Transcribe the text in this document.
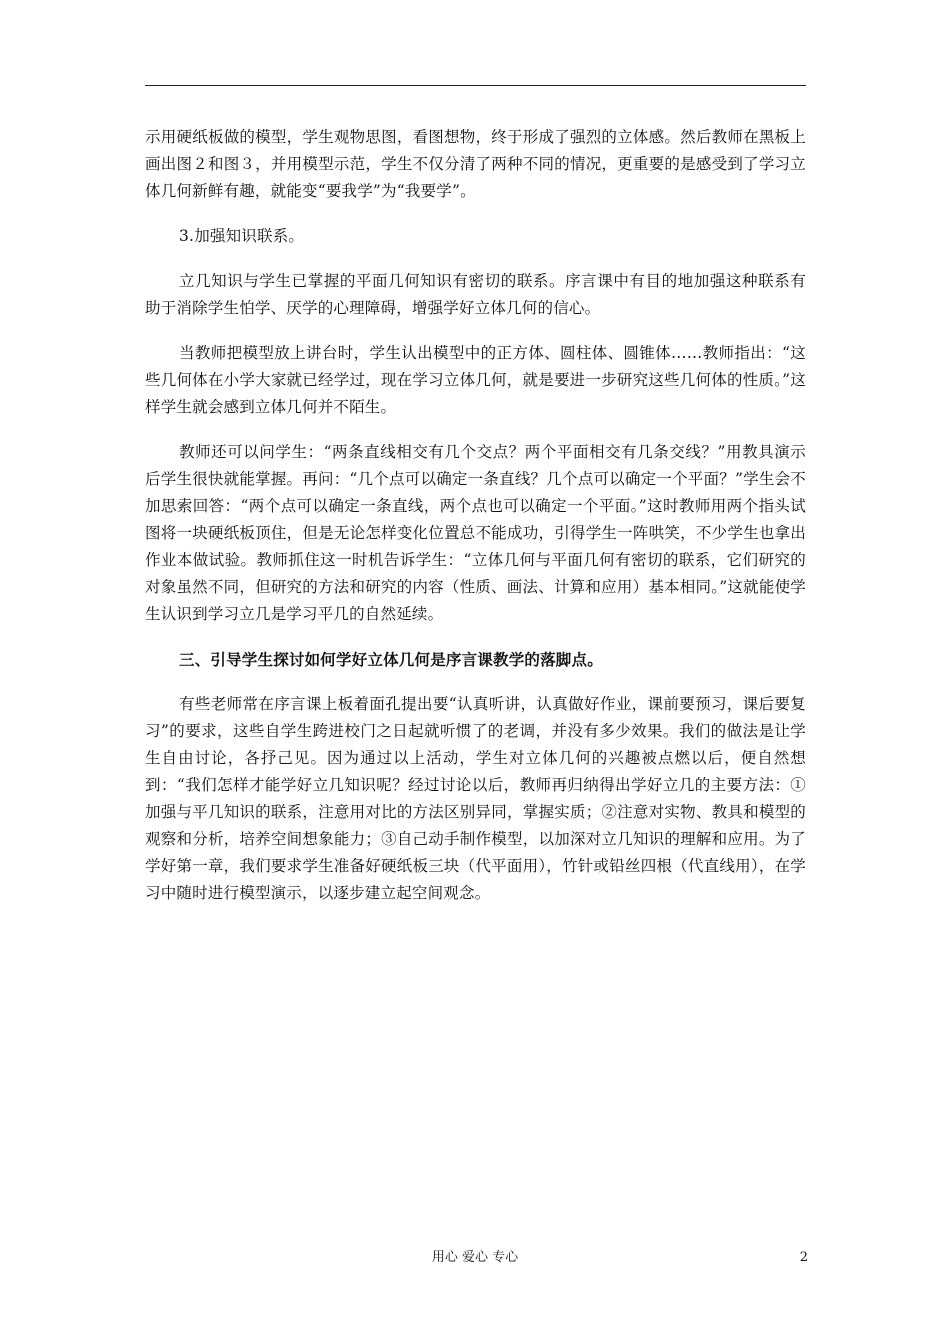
示用硬纸板做的模型，学生观物思图，看图想物，终于形成了强烈的立体感。然后教师在黑板上画出图２和图３，并用模型示范，学生不仅分清了两种不同的情况，更重要的是感受到了学习立体几何新鲜有趣，就能变“要我学”为“我要学”。

3.加强知识联系。

立几知识与学生已掌握的平面几何知识有密切的联系。序言课中有目的地加强这种联系有助于消除学生怕学、厌学的心理障碍，增强学好立体几何的信心。

当教师把模型放上讲台时，学生认出模型中的正方体、圆柱体、圆锥体……教师指出：“这些几何体在小学大家就已经学过，现在学习立体几何，就是要进一步研究这些几何体的性质。”这样学生就会感到立体几何并不陌生。

教师还可以问学生：“两条直线相交有几个交点？两个平面相交有几条交线？”用教具演示后学生很快就能掌握。再问：“几个点可以确定一条直线？几个点可以确定一个平面？”学生会不加思索回答：“两个点可以确定一条直线，两个点也可以确定一个平面。”这时教师用两个指头试图将一块硬纸板顶住，但是无论怎样变化位置总不能成功，引得学生一阵哄笑，不少学生也拿出作业本做试验。教师抓住这一时机告诉学生：“立体几何与平面几何有密切的联系，它们研究的对象虽然不同，但研究的方法和研究的内容（性质、画法、计算和应用）基本相同。”这就能使学生认识到学习立几是学习平几的自然延续。

三、引导学生探讨如何学好立体几何是序言课教学的落脚点。

有些老师常在序言课上板着面孔提出要“认真听讲，认真做好作业，课前要预习，课后要复习”的要求，这些自学生跨进校门之日起就听惯了的老调，并没有多少效果。我们的做法是让学生自由讨论，各抒己见。因为通过以上活动，学生对立体几何的兴趣被点燃以后，便自然想到：“我们怎样才能学好立几知识呢？经过讨论以后，教师再归纳得出学好立几的主要方法：①加强与平几知识的联系，注意用对比的方法区别异同，掌握实质；②注意对实物、教具和模型的观察和分析，培养空间想象能力；③自己动手制作模型，以加深对立几知识的理解和应用。为了学好第一章，我们要求学生准备好硬纸板三块（代平面用），竹针或铅丝四根（代直线用），在学习中随时进行模型演示，以逐步建立起空间观念。

用心 爱心 专心	2
